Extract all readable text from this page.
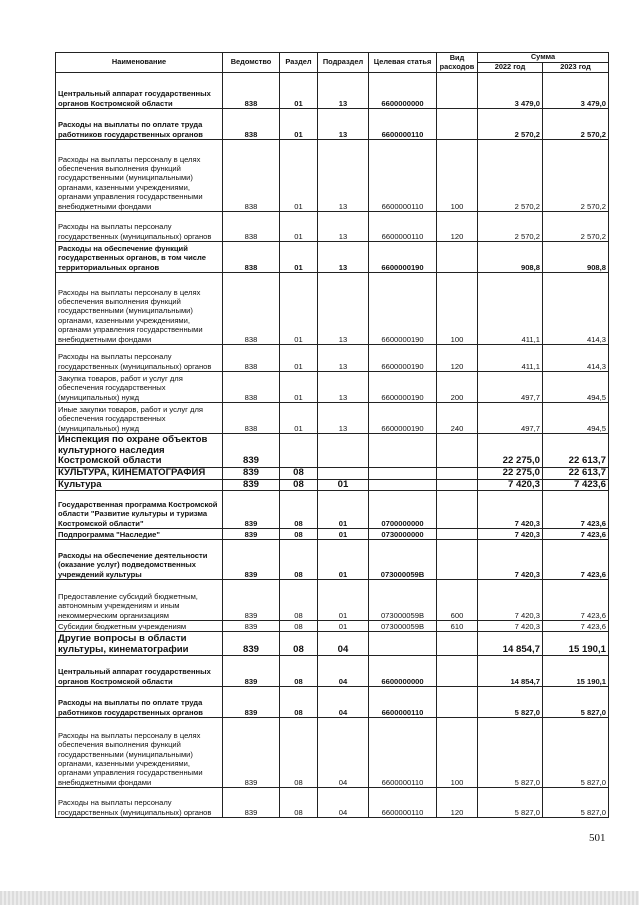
Наименование	Ведомство	Раздел	Подраздел	Целевая статья	Вид расходов	Сумма	
						2022 год	2023 год
Центральный аппарат государственных органов Костромской области	838	01	13	6600000000		3 479,0	3 479,0
Расходы на выплаты по оплате труда работников государственных органов	838	01	13	6600000110		2 570,2	2 570,2
Расходы на выплаты персоналу в целях обеспечения выполнения функций государственными (муниципальными) органами, казенными учреждениями, органами управления государственными внебюджетными фондами	838	01	13	6600000110	100	2 570,2	2 570,2
Расходы на выплаты персоналу государственных (муниципальных) органов	838	01	13	6600000110	120	2 570,2	2 570,2
Расходы на обеспечение функций государственных органов, в том числе территориальных органов	838	01	13	6600000190		908,8	908,8
Расходы на выплаты персоналу в целях обеспечения выполнения функций государственными (муниципальными) органами, казенными учреждениями, органами управления государственными внебюджетными фондами	838	01	13	6600000190	100	411,1	414,3
Расходы на выплаты персоналу государственных (муниципальных) органов	838	01	13	6600000190	120	411,1	414,3
Закупка товаров, работ и услуг для обеспечения государственных (муниципальных) нужд	838	01	13	6600000190	200	497,7	494,5
Иные закупки товаров, работ и услуг для обеспечения государственных (муниципальных) нужд	838	01	13	6600000190	240	497,7	494,5
Инспекция по охране объектов культурного наследия Костромской области	839					22 275,0	22 613,7
КУЛЬТУРА, КИНЕМАТОГРАФИЯ	839	08				22 275,0	22 613,7
Культура	839	08	01			7 420,3	7 423,6
Государственная программа Костромской области "Развитие культуры и туризма Костромской области"	839	08	01	0700000000		7 420,3	7 423,6
Подпрограмма "Наследие"	839	08	01	0730000000		7 420,3	7 423,6
Расходы на обеспечение деятельности (оказание услуг) подведомственных учреждений культуры	839	08	01	073000059В		7 420,3	7 423,6
Предоставление субсидий бюджетным, автономным учреждениям и иным некоммерческим организациям	839	08	01	073000059В	600	7 420,3	7 423,6
Субсидии бюджетным учреждениям	839	08	01	073000059В	610	7 420,3	7 423,6
Другие вопросы в области культуры, кинематографии	839	08	04			14 854,7	15 190,1
Центральный аппарат государственных органов Костромской области	839	08	04	6600000000		14 854,7	15 190,1
Расходы на выплаты по оплате труда работников государственных органов	839	08	04	6600000110		5 827,0	5 827,0
Расходы на выплаты персоналу в целях обеспечения выполнения функций государственными (муниципальными) органами, казенными учреждениями, органами управления государственными внебюджетными фондами	839	08	04	6600000110	100	5 827,0	5 827,0
Расходы на выплаты персоналу государственных (муниципальных) органов	839	08	04	6600000110	120	5 827,0	5 827,0
501
